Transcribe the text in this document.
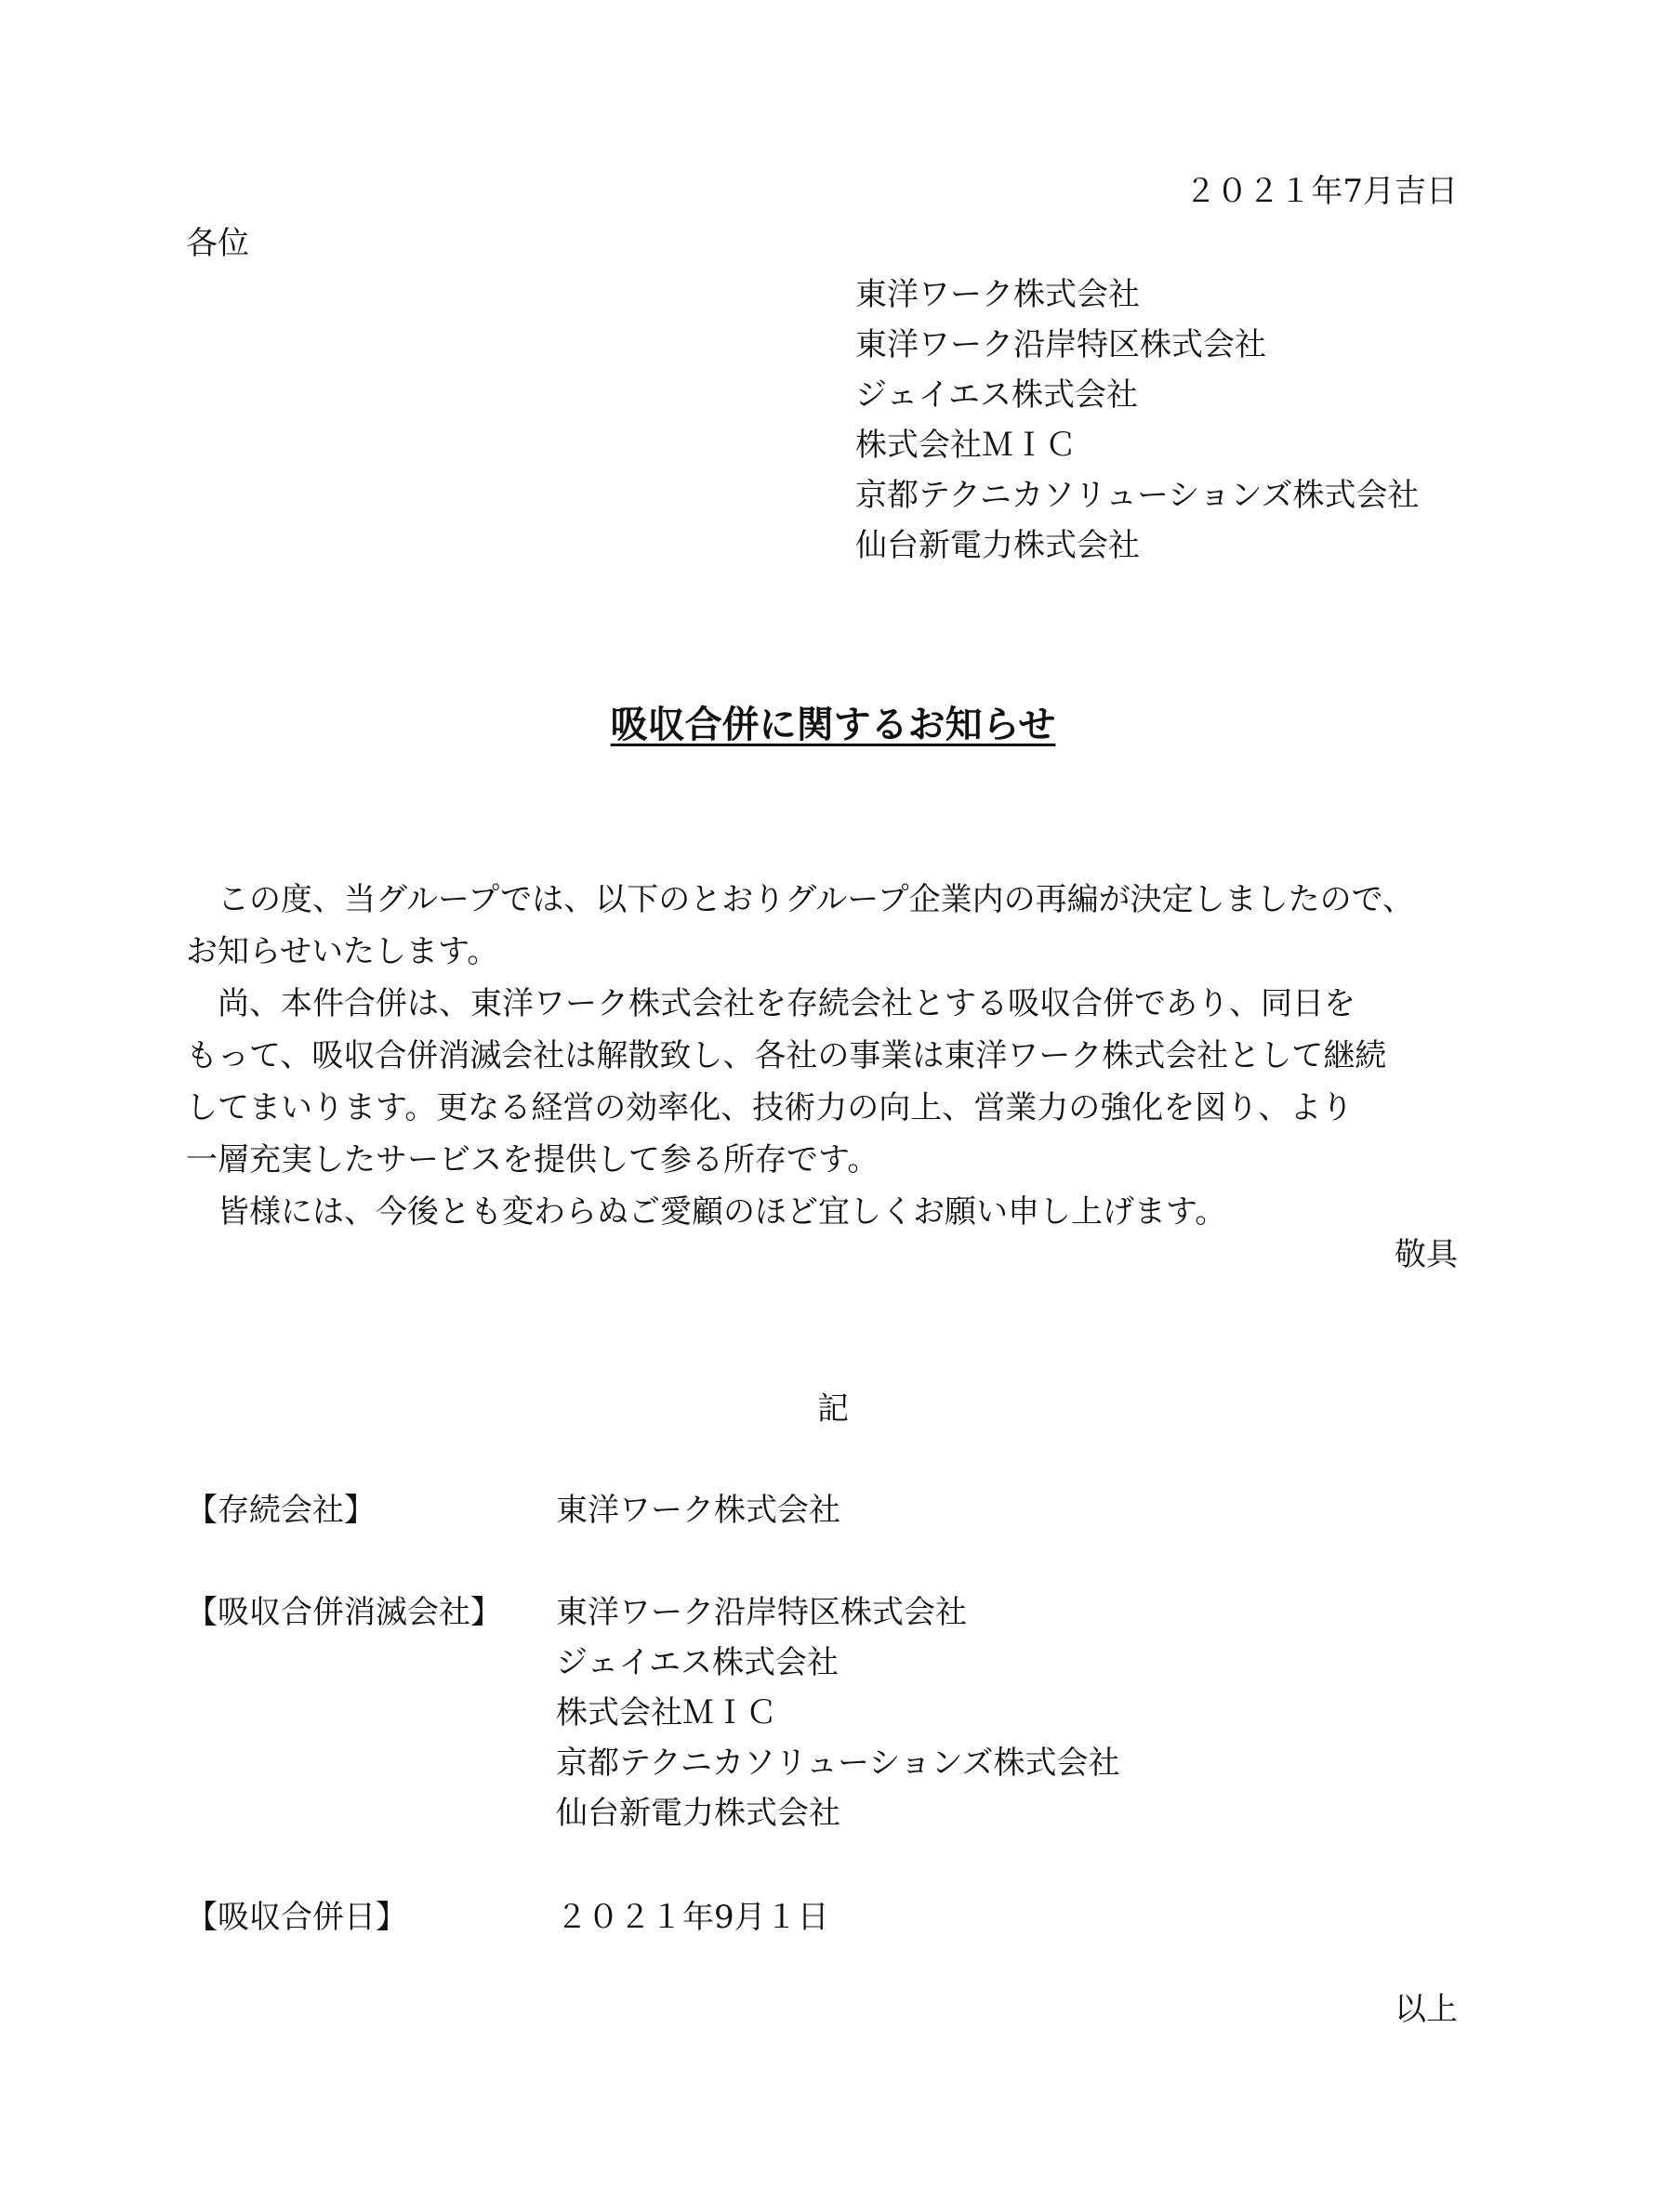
２０２１年7月吉日
各位
東洋ワーク株式会社
東洋ワーク沿岸特区株式会社
ジェイエス株式会社
株式会社ＭＩＣ
京都テクニカソリューションズ株式会社
仙台新電力株式会社
吸収合併に関するお知らせ

　この度、当グループでは、以下のとおりグループ企業内の再編が決定しましたので、

お知らせいたします。

　尚、本件合併は、東洋ワーク株式会社を存続会社とする吸収合併であり、同日を

もって、吸収合併消滅会社は解散致し、各社の事業は東洋ワーク株式会社として継続

してまいります。更なる経営の効率化、技術力の向上、営業力の強化を図り、より

一層充実したサービスを提供して参る所存です。

　皆様には、今後とも変わらぬご愛顧のほど宜しくお願い申し上げます。

敬具
記
【存続会社】	東洋ワーク株式会社
【吸収合併消滅会社】 東洋ワーク沿岸特区株式会社
ジェイエス株式会社
株式会社ＭＩＣ
京都テクニカソリューションズ株式会社
仙台新電力株式会社
【吸収合併日】	２０２１年9月１日
以上
